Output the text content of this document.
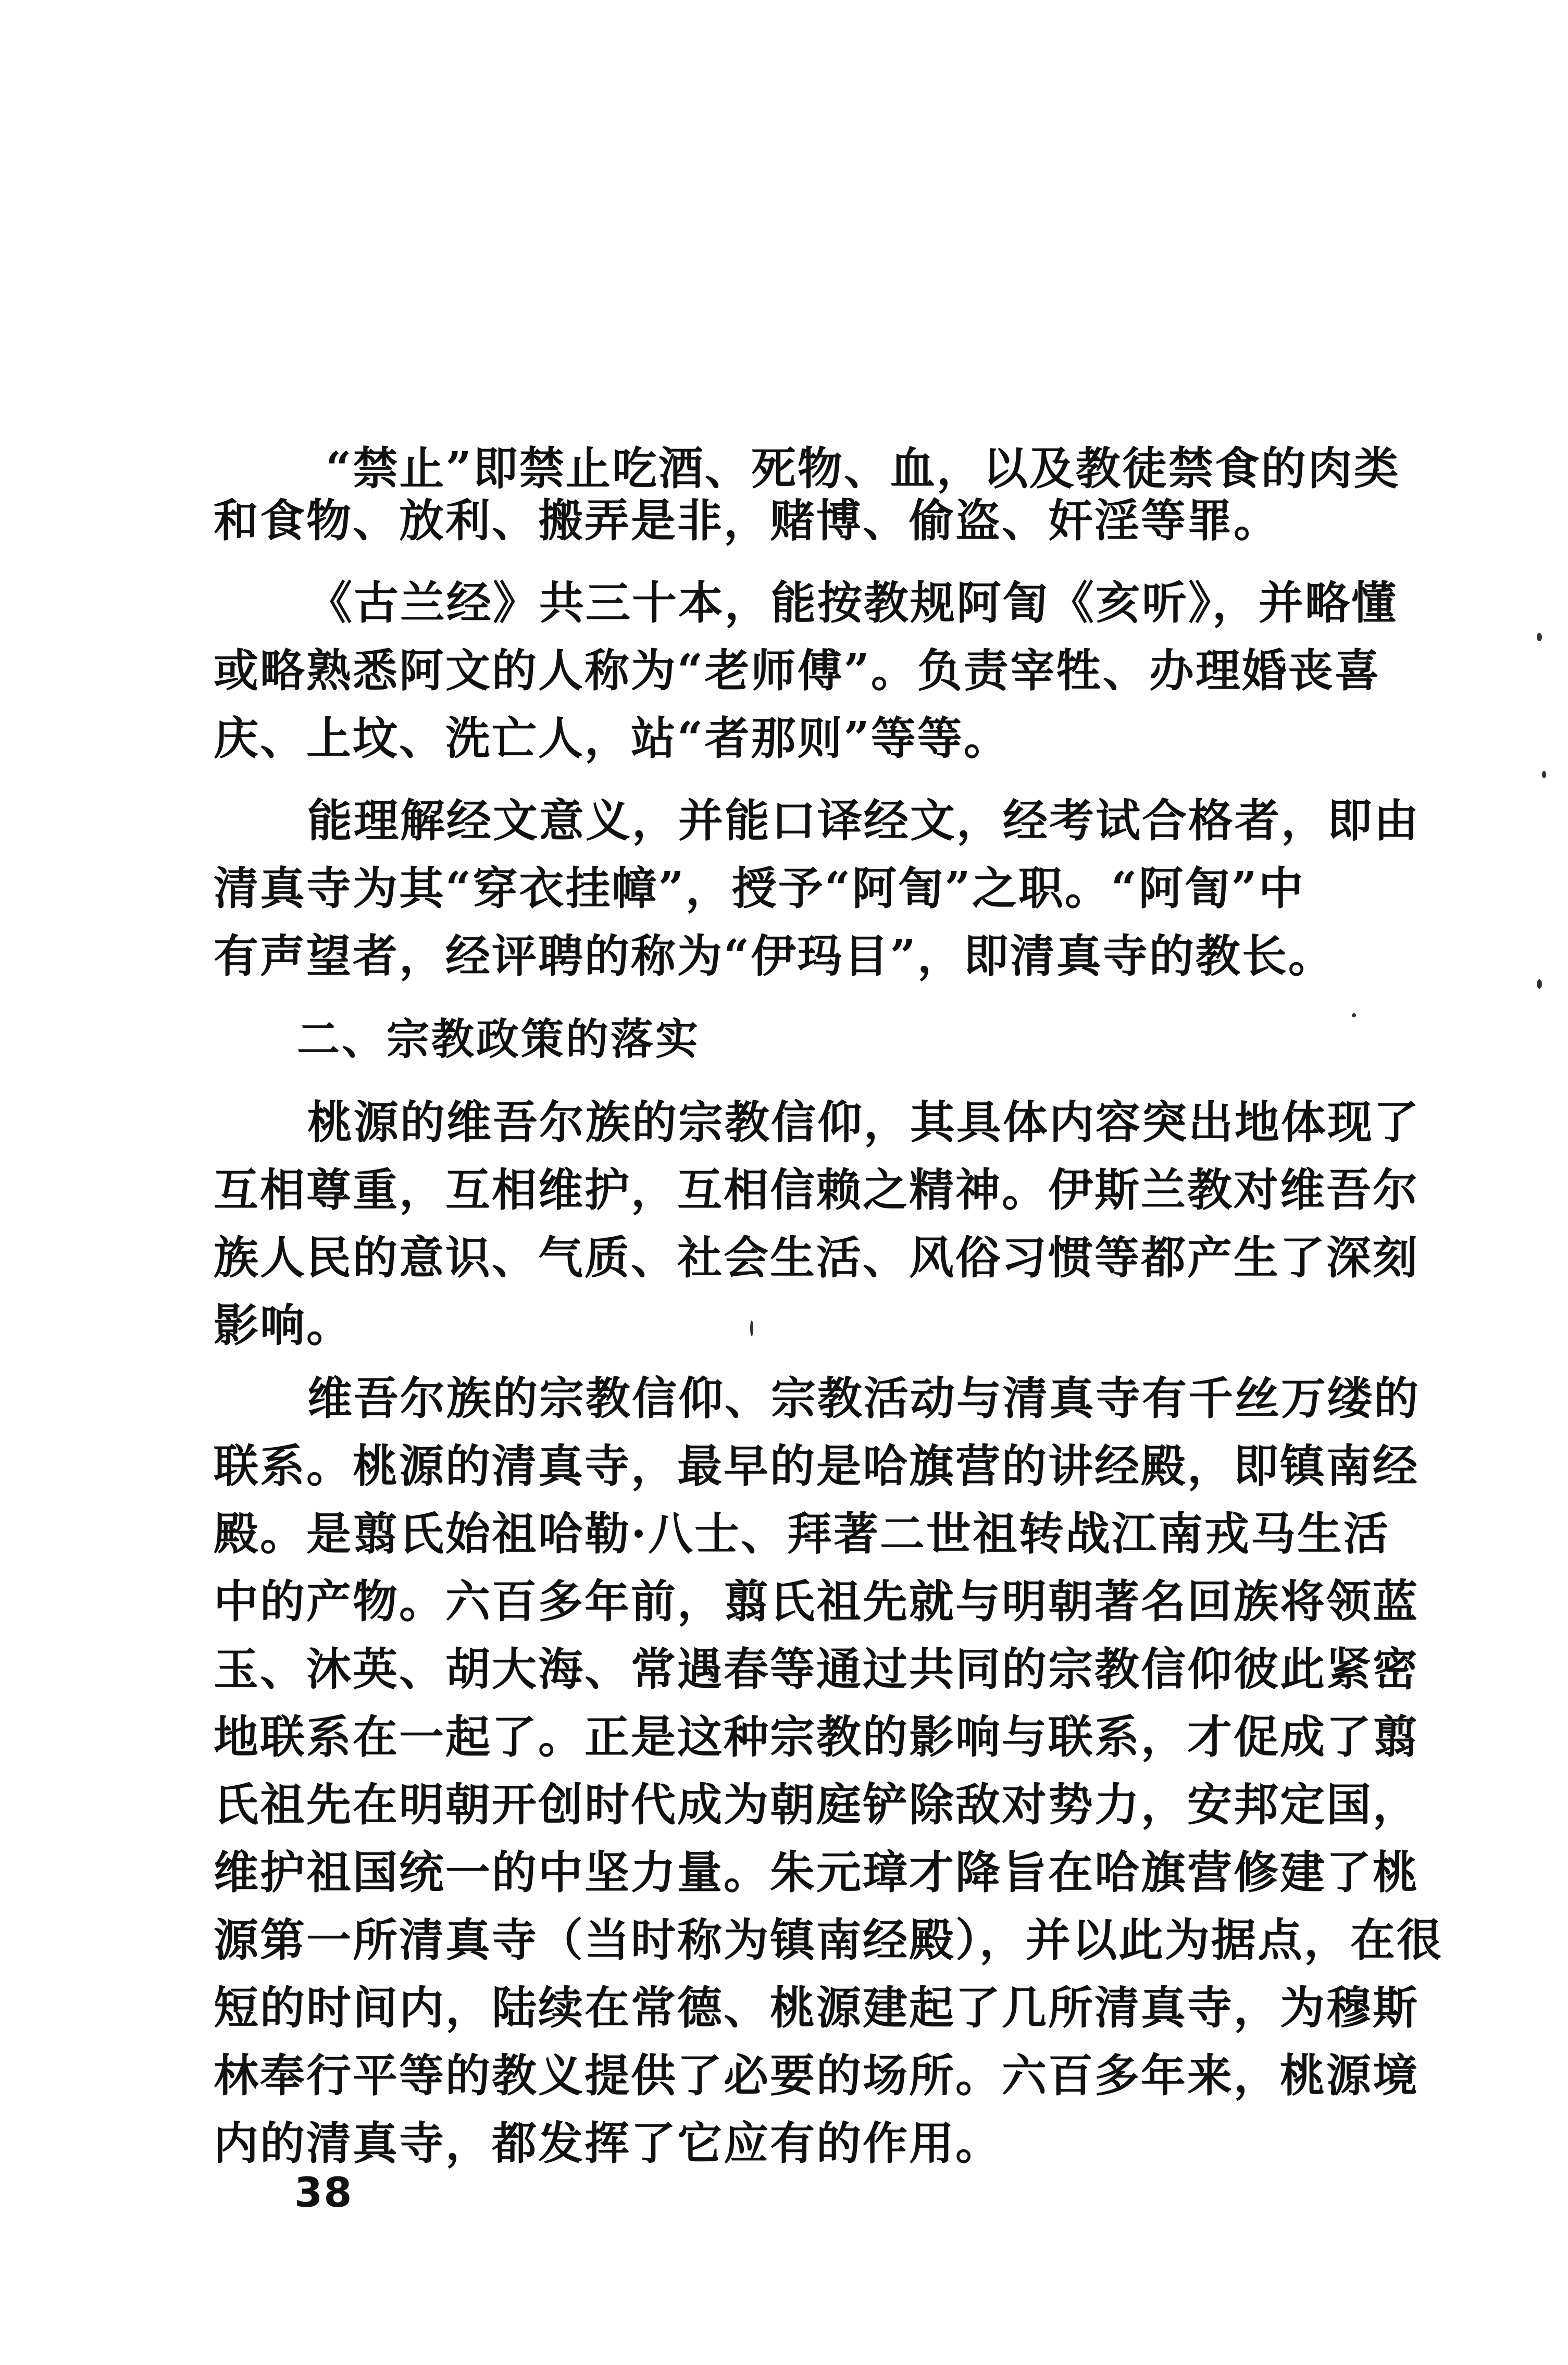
“禁止”即禁止吃酒、死物、血，以及教徒禁食的肉类
和食物、放利、搬弄是非，赌博、偷盗、奸淫等罪。
《古兰经》共三十本，能按教规阿訇《亥听》，并略懂
或略熟悉阿文的人称为“老师傅”。负责宰牲、办理婚丧喜
庆、上坟、洗亡人，站“者那则”等等。
能理解经文意义，并能口译经文，经考试合格者，即由
清真寺为其“穿衣挂幛”，授予“阿訇”之职。“阿訇”中
有声望者，经评聘的称为“伊玛目”，即清真寺的教长。
二、宗教政策的落实
桃源的维吾尔族的宗教信仰，其具体内容突出地体现了
互相尊重，互相维护，互相信赖之精神。伊斯兰教对维吾尔
族人民的意识、气质、社会生活、风俗习惯等都产生了深刻
影响。
维吾尔族的宗教信仰、宗教活动与清真寺有千丝万缕的
联系。桃源的清真寺，最早的是哈旗营的讲经殿，即镇南经
殿。是翦氏始祖哈勒·八士、拜著二世祖转战江南戎马生活
中的产物。六百多年前，翦氏祖先就与明朝著名回族将领蓝
玉、沐英、胡大海、常遇春等通过共同的宗教信仰彼此紧密
地联系在一起了。正是这种宗教的影响与联系，才促成了翦
氏祖先在明朝开创时代成为朝庭铲除敌对势力，安邦定国，
维护祖国统一的中坚力量。朱元璋才降旨在哈旗营修建了桃
源第一所清真寺（当时称为镇南经殿），并以此为据点，在很
短的时间内，陆续在常德、桃源建起了几所清真寺，为穆斯
林奉行平等的教义提供了必要的场所。六百多年来，桃源境
内的清真寺，都发挥了它应有的作用。
38
